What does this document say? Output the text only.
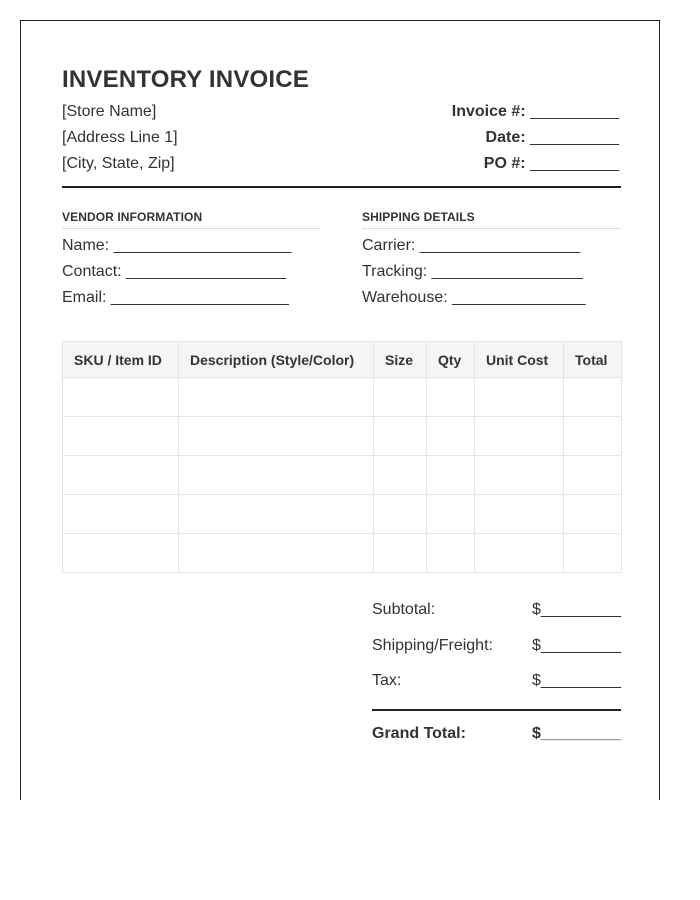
INVENTORY INVOICE
[Store Name]
[Address Line 1]
[City, State, Zip]
Invoice #: __________
Date: __________
PO #: __________
VENDOR INFORMATION	SHIPPING DETAILS
Name: ____________________
Contact: __________________
Email: ____________________
Carrier: __________________
Tracking: _________________
Warehouse: _______________
SKU / Item ID	Description (Style/Color)	Size	Qty	Unit Cost	Total

Subtotal:	$_________
Shipping/Freight: $_________
Tax:	$_________
Grand Total:	$_________
